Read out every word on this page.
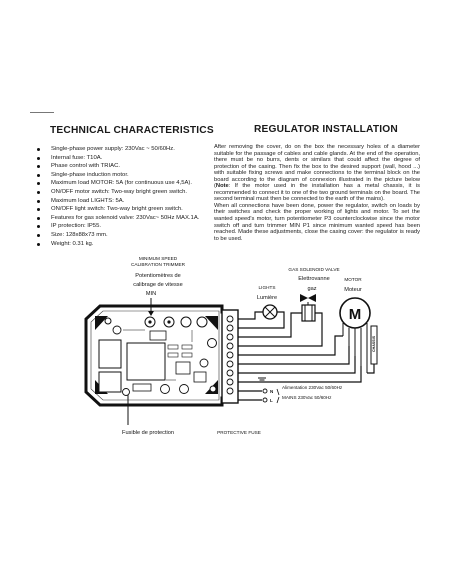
TECHNICAL CHARACTERISTICS
Single-phase power supply: 230Vac ~ 50/60Hz.
Internal fuse: T10A.
Phase control with TRIAC.
Single-phase induction motor.
Maximum load MOTOR: 5A (for continuous use 4,5A).
ON/OFF motor switch: Two-way bright green switch.
Maximum load LIGHTS: 5A.
ON/OFF light switch: Two-way bright green switch.
Features for gas solenoid valve: 230Vac~ 50Hz MAX.1A.
IP protection: IP55.
Size: 128x88x73 mm.
Weight: 0.31 kg.
REGULATOR INSTALLATION

After removing the cover, do on the box the necessary holes of a diameter suitable for the passage of cables and cable glands. At the end of the operation, there must be no burrs, dents or similars that could affect the degree of protection of the casing. Then fix the box to the desired support (wall, hood ...) with suitable fixing screws and make connections to the terminal block on the board according to the diagram of connexion illustrated in the picture below (Note: If the motor used in the installation has a metal chassis, it is recommended to connect it to one of the two ground terminals on the board. The second terminal must then be connected to the earth of the mains).

When all connections have been done, power the regulator, switch on loads by their switches and check the proper working of lights and motor. To set the wanted speed's motor, turn potentiometer P3 counterclockwise since the motor switch off and turn trimmer MIN P1 since minimum wanted speed has been reached. Made these adjustments, close the casing cover: the regulator is ready to be used.

M
CHASSIS
N
L
Alimentation 230Vac 50/60Hz
MAINS 230Vac 50/60Hz
MINIMUM SPEED
CALIBRATION TRIMMER
Potentiomètres de
calibrage de vitesse
MIN
GAS SOLENOID VALVE
Elettrovanne
gaz
LIGHTS
Lumière
MOTOR
Moteur
Fusible de protection	PROTECTIVE FUSE
